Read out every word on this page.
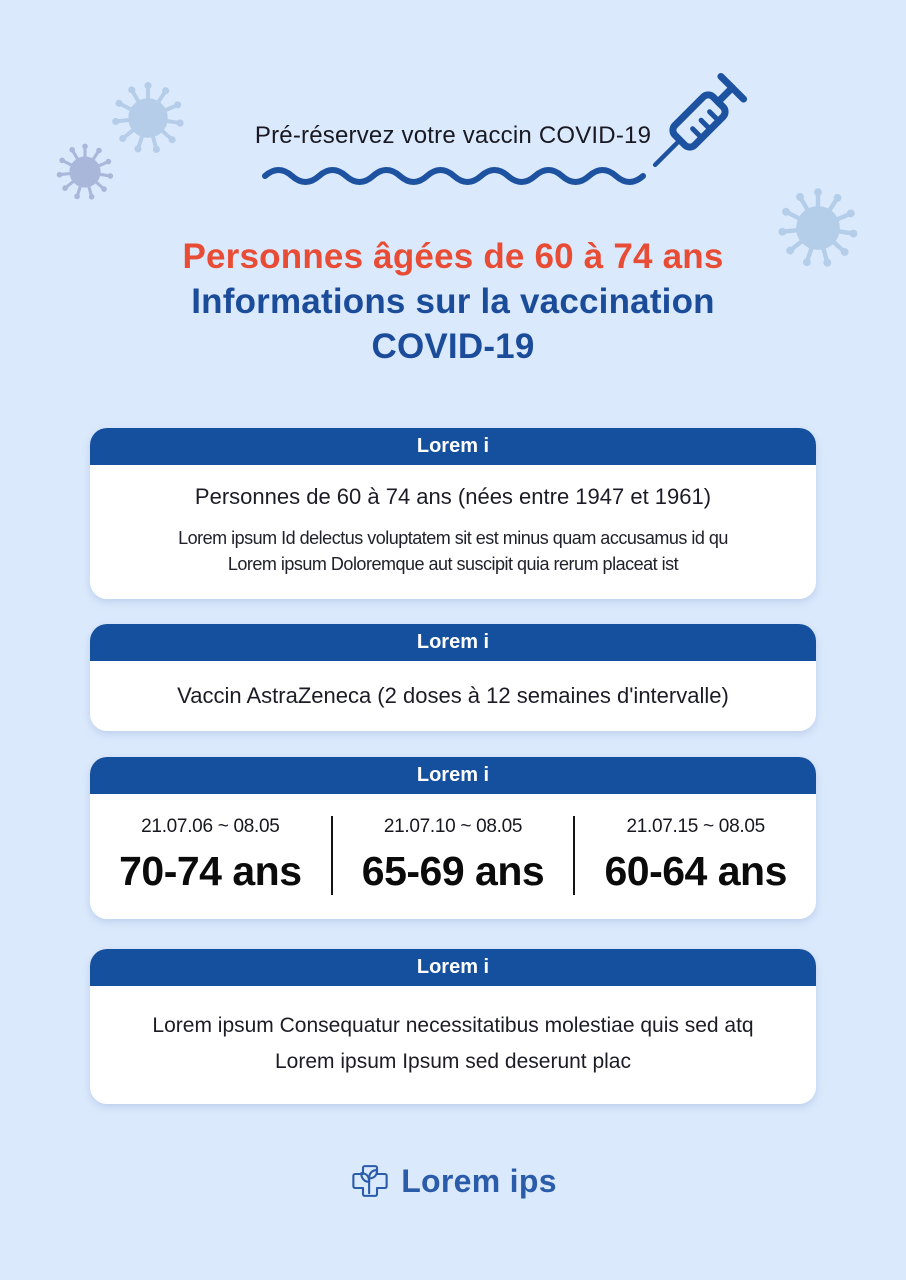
Pré-réservez votre vaccin COVID-19
Personnes âgées de 60 à 74 ans
Informations sur la vaccination
COVID-19
Lorem i
Personnes de 60 à 74 ans (nées entre 1947 et 1961)
Lorem ipsum Id delectus voluptatem sit est minus quam accusamus id qu
Lorem ipsum Doloremque aut suscipit quia rerum placeat ist
Lorem i
Vaccin AstraZeneca (2 doses à 12 semaines d'intervalle)
Lorem i
21.07.06 ~ 08.05
70-74 ans
21.07.10 ~ 08.05
65-69 ans
21.07.15 ~ 08.05
60-64 ans
Lorem i
Lorem ipsum Consequatur necessitatibus molestiae quis sed atq
Lorem ipsum Ipsum sed deserunt plac
Lorem ips
